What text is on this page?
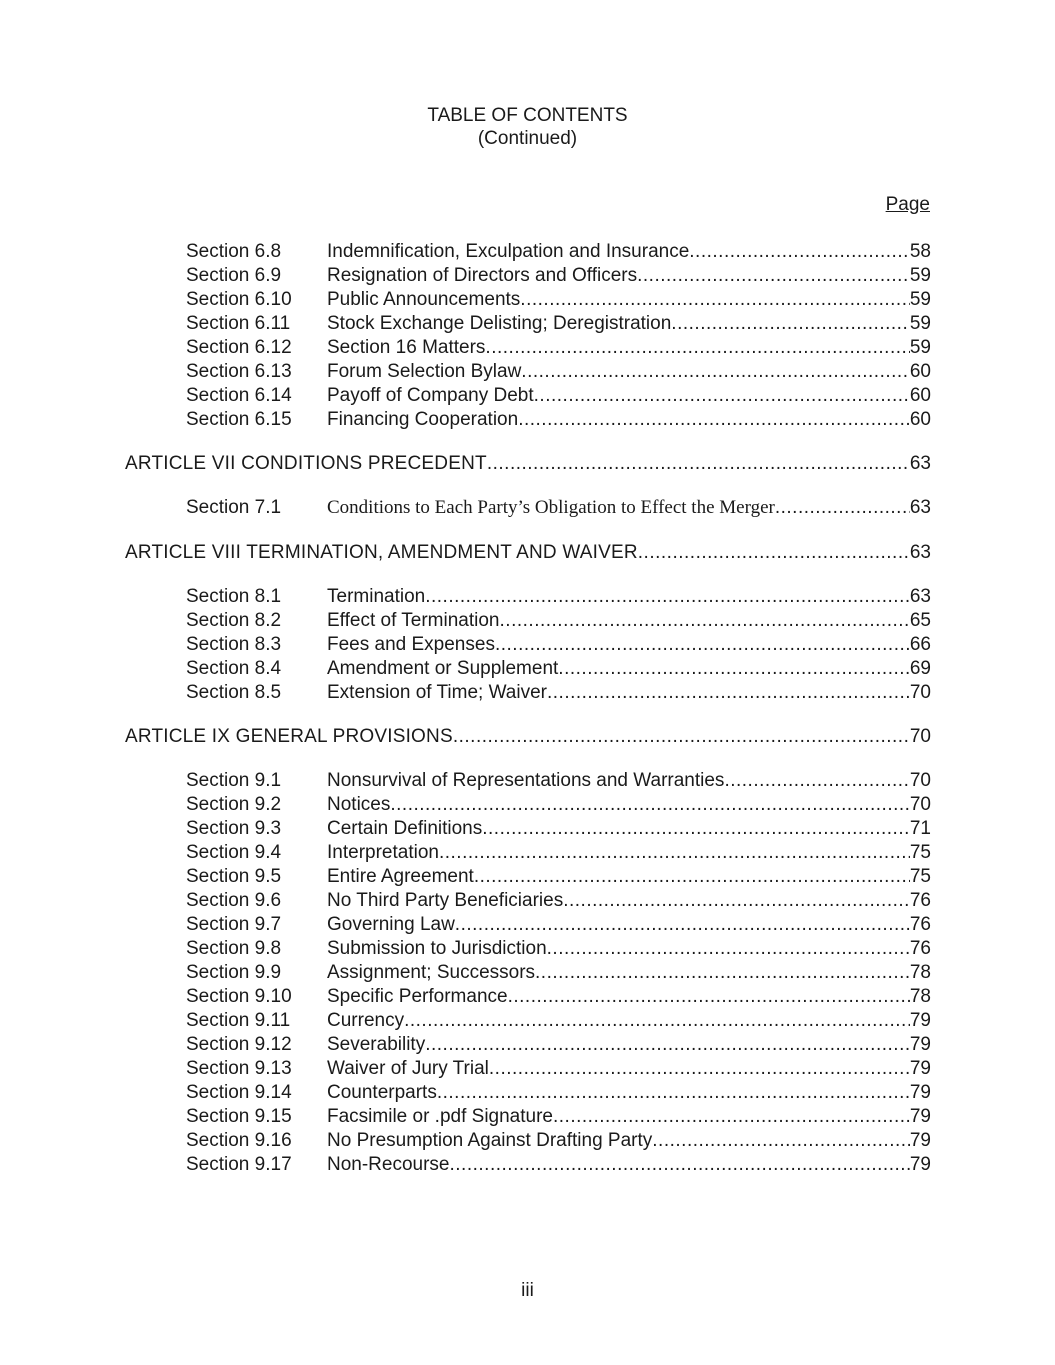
TABLE OF CONTENTS
(Continued)
Page
Section 6.8 Indemnification, Exculpation and Insurance .....	58
Section 6.9 Resignation of Directors and Officers .....	59
Section 6.10 Public Announcements .....	59
Section 6.11 Stock Exchange Delisting; Deregistration .....	59
Section 6.12 Section 16 Matters .....	59
Section 6.13 Forum Selection Bylaw .....	60
Section 6.14 Payoff of Company Debt .....	60
Section 6.15 Financing Cooperation .....	60
ARTICLE VII CONDITIONS PRECEDENT .....	63
Section 7.1 Conditions to Each Party’s Obligation to Effect the Merger .....	63
ARTICLE VIII TERMINATION, AMENDMENT AND WAIVER .....	63
Section 8.1 Termination .....	63
Section 8.2 Effect of Termination .....	65
Section 8.3 Fees and Expenses .....	66
Section 8.4 Amendment or Supplement .....	69
Section 8.5 Extension of Time; Waiver .....	70
ARTICLE IX GENERAL PROVISIONS .....	70
Section 9.1 Nonsurvival of Representations and Warranties .....	70
Section 9.2 Notices .....	70
Section 9.3 Certain Definitions .....	71
Section 9.4 Interpretation .....	75
Section 9.5 Entire Agreement .....	75
Section 9.6 No Third Party Beneficiaries .....	76
Section 9.7 Governing Law .....	76
Section 9.8 Submission to Jurisdiction .....	76
Section 9.9 Assignment; Successors .....	78
Section 9.10 Specific Performance .....	78
Section 9.11 Currency .....	79
Section 9.12 Severability .....	79
Section 9.13 Waiver of Jury Trial .....	79
Section 9.14 Counterparts .....	79
Section 9.15 Facsimile or .pdf Signature .....	79
Section 9.16 No Presumption Against Drafting Party .....	79
Section 9.17 Non-Recourse .....	79
iii
